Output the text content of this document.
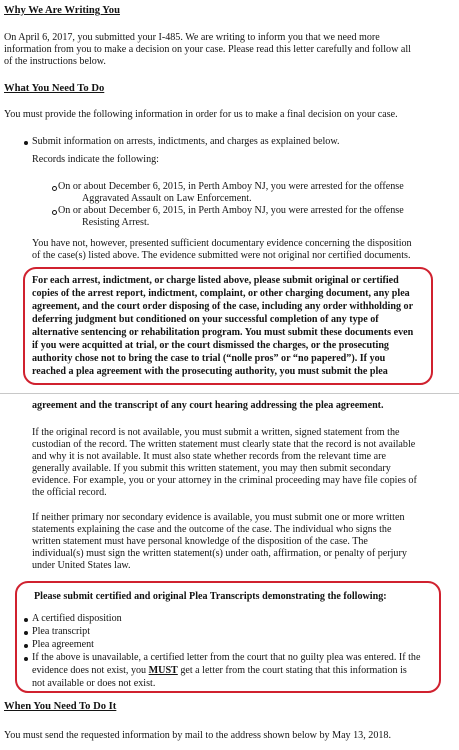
Why We Are Writing You
On April 6, 2017, you submitted your I-485. We are writing to inform you that we need more
information from you to make a decision on your case. Please read this letter carefully and follow all
of the instructions below.
What You Need To Do
You must provide the following information in order for us to make a final decision on your case.
Submit information on arrests, indictments, and charges as explained below.
Records indicate the following:
On or about December 6, 2015, in Perth Amboy NJ, you were arrested for the offense
Aggravated Assault on Law Enforcement.
On or about December 6, 2015, in Perth Amboy NJ, you were arrested for the offense
Resisting Arrest.
You have not, however, presented sufficient documentary evidence concerning the disposition
of the case(s) listed above. The evidence submitted were not original nor certified documents.
For each arrest, indictment, or charge listed above, please submit original or certified
copies of the arrest report, indictment, complaint, or other charging document, any plea
agreement, and the court order disposing of the case, including any order withholding or
deferring judgment but conditioned on your successful completion of any type of
alternative sentencing or rehabilitation program. You must submit these documents even
if you were acquitted at trial, or the court dismissed the charges, or the prosecuting
authority chose not to bring the case to trial (“nolle pros” or “no papered”). If you
reached a plea agreement with the prosecuting authority, you must submit the plea
agreement and the transcript of any court hearing addressing the plea agreement.
If the original record is not available, you must submit a written, signed statement from the
custodian of the record. The written statement must clearly state that the record is not available
and why it is not available. It must also state whether records from the relevant time are
generally available. If you submit this written statement, you may then submit secondary
evidence. For example, you or your attorney in the criminal proceeding may have file copies of
the official record.
If neither primary nor secondary evidence is available, you must submit one or more written
statements explaining the case and the outcome of the case. The individual who signs the
written statement must have personal knowledge of the disposition of the case. The
individual(s) must sign the written statement(s) under oath, affirmation, or penalty of perjury
under United States law.
Please submit certified and original Plea Transcripts demonstrating the following:
A certified disposition
Plea transcript
Plea agreement
If the above is unavailable, a certified letter from the court that no guilty plea was entered. If the
evidence does not exist, you MUST get a letter from the court stating that this information is
not available or does not exist.
When You Need To Do It
You must send the requested information by mail to the address shown below by May 13, 2018.
